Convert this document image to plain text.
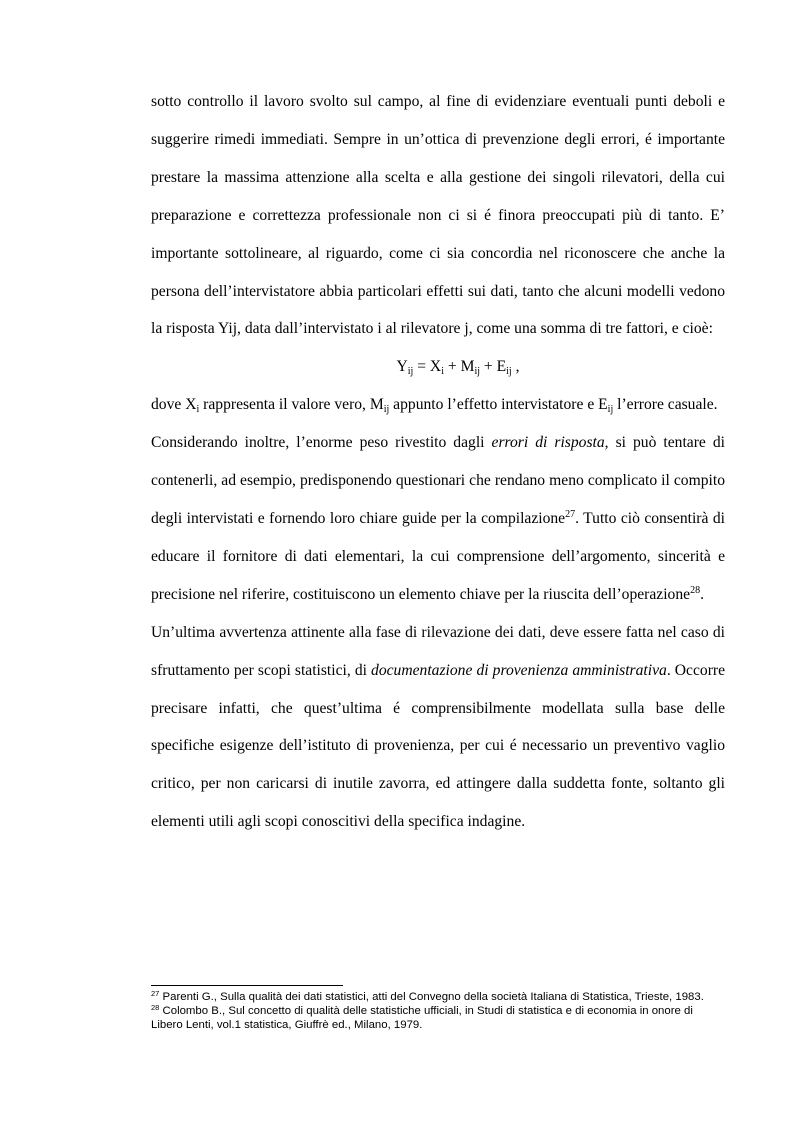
sotto controllo il lavoro svolto sul campo, al fine di evidenziare eventuali punti deboli e suggerire rimedi immediati. Sempre in un’ottica di prevenzione degli errori, é importante prestare la massima attenzione alla scelta e alla gestione dei singoli rilevatori, della cui preparazione e correttezza professionale non ci si é finora preoccupati più di tanto. E’ importante sottolineare, al riguardo, come ci sia concordia nel riconoscere che anche la persona dell’intervistatore abbia particolari effetti sui dati, tanto che alcuni modelli vedono la risposta Yij, data dall’intervistato i al rilevatore j, come una somma di tre fattori, e cioè:

$Y_{ij} = X_i + M_{ij} + E_{ij}$ ,

dove $X_i$ rappresenta il valore vero, $M_{ij}$ appunto l’effetto intervistatore e $E_{ij}$ l’errore casuale.

Considerando inoltre, l’enorme peso rivestito dagli errori di risposta, si può tentare di contenerli, ad esempio, predisponendo questionari che rendano meno complicato il compito degli intervistati e fornendo loro chiare guide per la compilazione$^{27}$. Tutto ciò consentirà di educare il fornitore di dati elementari, la cui comprensione dell’argomento, sincerità e precisione nel riferire, costituiscono un elemento chiave per la riuscita dell’operazione$^{28}$.

Un’ultima avvertenza attinente alla fase di rilevazione dei dati, deve essere fatta nel caso di sfruttamento per scopi statistici, di documentazione di provenienza amministrativa. Occorre precisare infatti, che quest’ultima é comprensibilmente modellata sulla base delle specifiche esigenze dell’istituto di provenienza, per cui é necessario un preventivo vaglio critico, per non caricarsi di inutile zavorra, ed attingere dalla suddetta fonte, soltanto gli elementi utili agli scopi conoscitivi della specifica indagine.

$^{27}$ Parenti G., Sulla qualità dei dati statistici, atti del Convegno della società Italiana di Statistica, Trieste, 1983.

$^{28}$ Colombo B., Sul concetto di qualità delle statistiche ufficiali, in Studi di statistica e di economia in onore di Libero Lenti, vol.1 statistica, Giuffrè ed., Milano, 1979.
